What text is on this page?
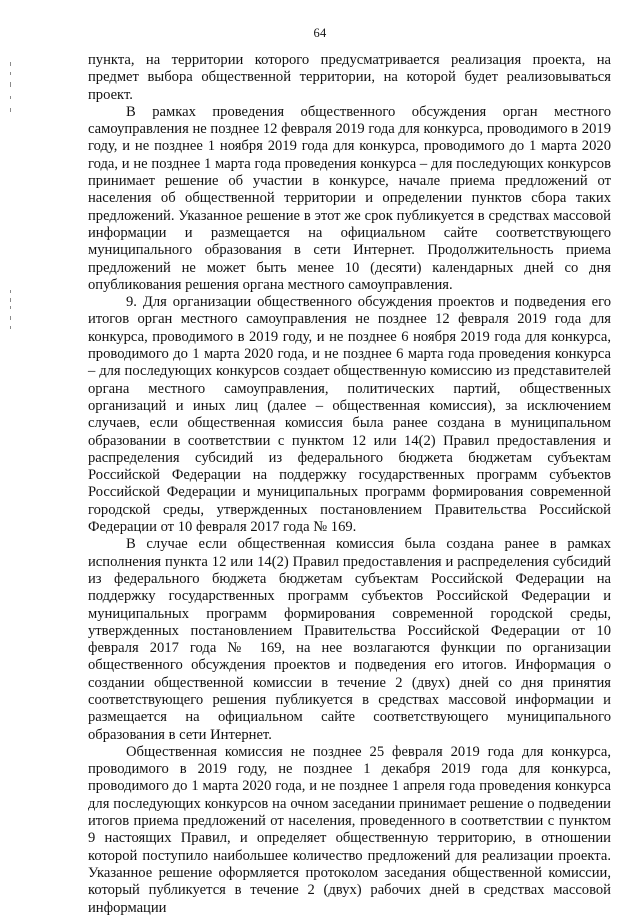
64

пункта, на территории которого предусматривается реализация проекта, на предмет выбора общественной территории, на которой будет реализовываться проект.

В рамках проведения общественного обсуждения орган местного самоуправления не позднее 12 февраля 2019 года для конкурса, проводимого в 2019 году, и не позднее 1 ноября 2019 года для конкурса, проводимого до 1 марта 2020 года, и не позднее 1 марта года проведения конкурса – для последующих конкурсов принимает решение об участии в конкурсе, начале приема предложений от населения об общественной территории и определении пунктов сбора таких предложений. Указанное решение в этот же срок публикуется в средствах массовой информации и размещается на официальном сайте соответствующего муниципального образования в сети Интернет. Продолжительность приема предложений не может быть менее 10 (десяти) календарных дней со дня опубликования решения органа местного самоуправления.

9. Для организации общественного обсуждения проектов и подведения его итогов орган местного самоуправления не позднее 12 февраля 2019 года для конкурса, проводимого в 2019 году, и не позднее 6 ноября 2019 года для конкурса, проводимого до 1 марта 2020 года, и не позднее 6 марта года проведения конкурса – для последующих конкурсов создает общественную комиссию из представителей органа местного самоуправления, политических партий, общественных организаций и иных лиц (далее – общественная комиссия), за исключением случаев, если общественная комиссия была ранее создана в муниципальном образовании в соответствии с пунктом 12 или 14(2) Правил предоставления и распределения субсидий из федерального бюджета бюджетам субъектам Российской Федерации на поддержку государственных программ субъектов Российской Федерации и муниципальных программ формирования современной городской среды, утвержденных постановлением Правительства Российской Федерации от 10 февраля 2017 года № 169.

В случае если общественная комиссия была создана ранее в рамках исполнения пункта 12 или 14(2) Правил предоставления и распределения субсидий из федерального бюджета бюджетам субъектам Российской Федерации на поддержку государственных программ субъектов Российской Федерации и муниципальных программ формирования современной городской среды, утвержденных постановлением Правительства Российской Федерации от 10 февраля 2017 года № 169, на нее возлагаются функции по организации общественного обсуждения проектов и подведения его итогов. Информация о создании общественной комиссии в течение 2 (двух) дней со дня принятия соответствующего решения публикуется в средствах массовой информации и размещается на официальном сайте соответствующего муниципального образования в сети Интернет.

Общественная комиссия не позднее 25 февраля 2019 года для конкурса, проводимого в 2019 году, не позднее 1 декабря 2019 года для конкурса, проводимого до 1 марта 2020 года, и не позднее 1 апреля года проведения конкурса для последующих конкурсов на очном заседании принимает решение о подведении итогов приема предложений от населения, проведенного в соответствии с пунктом 9 настоящих Правил, и определяет общественную территорию, в отношении которой поступило наибольшее количество предложений для реализации проекта. Указанное решение оформляется протоколом заседания общественной комиссии, который публикуется в течение 2 (двух) рабочих дней в средствах массовой информации
